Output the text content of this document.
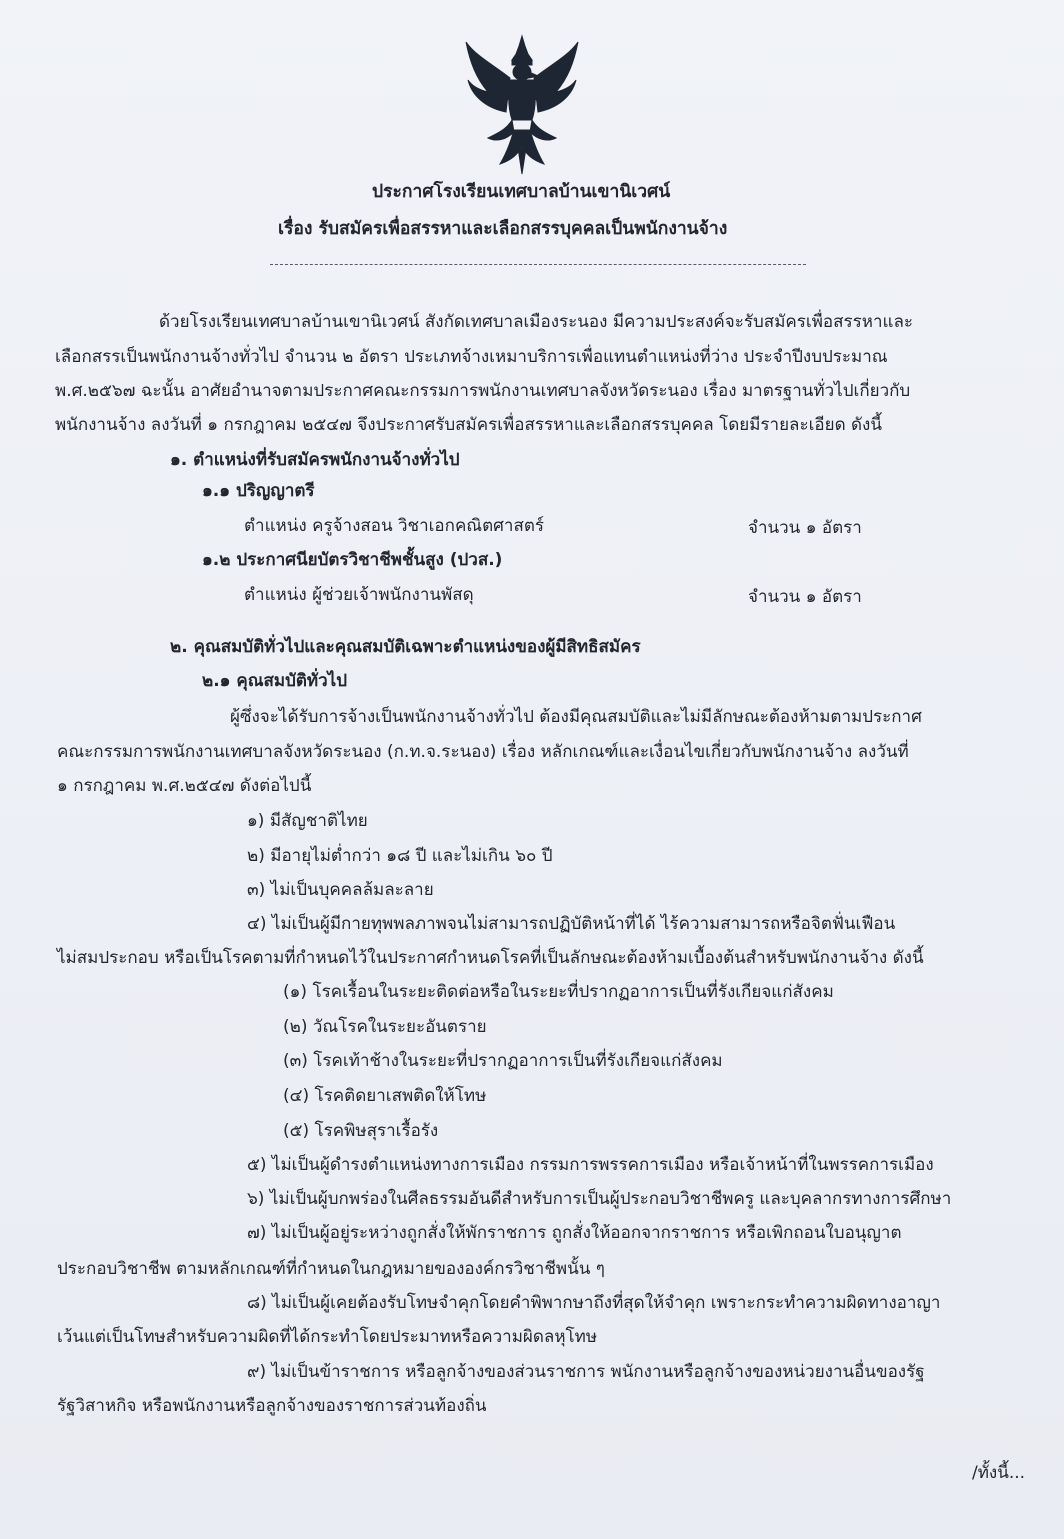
ประกาศโรงเรียนเทศบาลบ้านเขานิเวศน์
เรื่อง รับสมัครเพื่อสรรหาและเลือกสรรบุคคลเป็นพนักงานจ้าง
ด้วยโรงเรียนเทศบาลบ้านเขานิเวศน์ สังกัดเทศบาลเมืองระนอง มีความประสงค์จะรับสมัครเพื่อสรรหาและ
เลือกสรรเป็นพนักงานจ้างทั่วไป จำนวน ๒ อัตรา ประเภทจ้างเหมาบริการเพื่อแทนตำแหน่งที่ว่าง ประจำปีงบประมาณ
พ.ศ.๒๕๖๗ ฉะนั้น อาศัยอำนาจตามประกาศคณะกรรมการพนักงานเทศบาลจังหวัดระนอง เรื่อง มาตรฐานทั่วไปเกี่ยวกับ
พนักงานจ้าง ลงวันที่ ๑ กรกฎาคม ๒๕๔๗ จึงประกาศรับสมัครเพื่อสรรหาและเลือกสรรบุคคล โดยมีรายละเอียด ดังนี้
๑. ตำแหน่งที่รับสมัครพนักงานจ้างทั่วไป
๑.๑ ปริญญาตรี
ตำแหน่ง ครูจ้างสอน วิชาเอกคณิตศาสตร์	จำนวน ๑ อัตรา
๑.๒ ประกาศนียบัตรวิชาชีพชั้นสูง (ปวส.)
ตำแหน่ง ผู้ช่วยเจ้าพนักงานพัสดุ	จำนวน ๑ อัตรา
๒. คุณสมบัติทั่วไปและคุณสมบัติเฉพาะตำแหน่งของผู้มีสิทธิสมัคร
๒.๑ คุณสมบัติทั่วไป
ผู้ซึ่งจะได้รับการจ้างเป็นพนักงานจ้างทั่วไป ต้องมีคุณสมบัติและไม่มีลักษณะต้องห้ามตามประกาศ
คณะกรรมการพนักงานเทศบาลจังหวัดระนอง (ก.ท.จ.ระนอง) เรื่อง หลักเกณฑ์และเงื่อนไขเกี่ยวกับพนักงานจ้าง ลงวันที่
๑ กรกฎาคม พ.ศ.๒๕๔๗ ดังต่อไปนี้
๑) มีสัญชาติไทย
๒) มีอายุไม่ต่ำกว่า ๑๘ ปี และไม่เกิน ๖๐ ปี
๓) ไม่เป็นบุคคลล้มละลาย
๔) ไม่เป็นผู้มีกายทุพพลภาพจนไม่สามารถปฏิบัติหน้าที่ได้ ไร้ความสามารถหรือจิตฟั่นเฟือน
ไม่สมประกอบ หรือเป็นโรคตามที่กำหนดไว้ในประกาศกำหนดโรคที่เป็นลักษณะต้องห้ามเบื้องต้นสำหรับพนักงานจ้าง ดังนี้
(๑) โรคเรื้อนในระยะติดต่อหรือในระยะที่ปรากฏอาการเป็นที่รังเกียจแก่สังคม
(๒) วัณโรคในระยะอันตราย
(๓) โรคเท้าช้างในระยะที่ปรากฏอาการเป็นที่รังเกียจแก่สังคม
(๔) โรคติดยาเสพติดให้โทษ
(๕) โรคพิษสุราเรื้อรัง
๕) ไม่เป็นผู้ดำรงตำแหน่งทางการเมือง กรรมการพรรคการเมือง หรือเจ้าหน้าที่ในพรรคการเมือง
๖) ไม่เป็นผู้บกพร่องในศีลธรรมอันดีสำหรับการเป็นผู้ประกอบวิชาชีพครู และบุคลากรทางการศึกษา
๗) ไม่เป็นผู้อยู่ระหว่างถูกสั่งให้พักราชการ ถูกสั่งให้ออกจากราชการ หรือเพิกถอนใบอนุญาต
ประกอบวิชาชีพ ตามหลักเกณฑ์ที่กำหนดในกฎหมายขององค์กรวิชาชีพนั้น ๆ
๘) ไม่เป็นผู้เคยต้องรับโทษจำคุกโดยคำพิพากษาถึงที่สุดให้จำคุก เพราะกระทำความผิดทางอาญา
เว้นแต่เป็นโทษสำหรับความผิดที่ได้กระทำโดยประมาทหรือความผิดลหุโทษ
๙) ไม่เป็นข้าราชการ หรือลูกจ้างของส่วนราชการ พนักงานหรือลูกจ้างของหน่วยงานอื่นของรัฐ
รัฐวิสาหกิจ หรือพนักงานหรือลูกจ้างของราชการส่วนท้องถิ่น
/ทั้งนี้...
